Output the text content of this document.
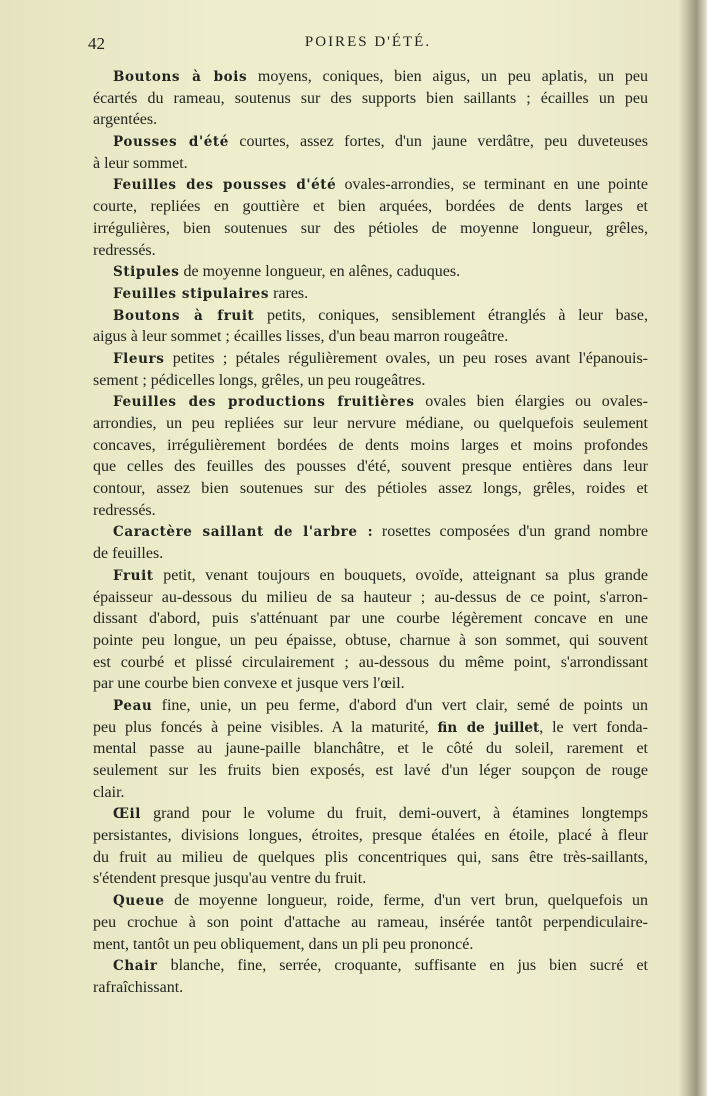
42	POIRES D'ÉTÉ.
Boutons à bois moyens, coniques, bien aigus, un peu aplatis, un peu
écartés du rameau, soutenus sur des supports bien saillants ; écailles un peu
argentées.
Pousses d'été courtes, assez fortes, d'un jaune verdâtre, peu duveteuses
à leur sommet.
Feuilles des pousses d'été ovales-arrondies, se terminant en une pointe
courte, repliées en gouttière et bien arquées, bordées de dents larges et
irrégulières, bien soutenues sur des pétioles de moyenne longueur, grêles,
redressés.
Stipules de moyenne longueur, en alênes, caduques.
Feuilles stipulaires rares.
Boutons à fruit petits, coniques, sensiblement étranglés à leur base,
aigus à leur sommet ; écailles lisses, d'un beau marron rougeâtre.
Fleurs petites ; pétales régulièrement ovales, un peu roses avant l'épanouis-
sement ; pédicelles longs, grêles, un peu rougeâtres.
Feuilles des productions fruitières ovales bien élargies ou ovales-
arrondies, un peu repliées sur leur nervure médiane, ou quelquefois seulement
concaves, irrégulièrement bordées de dents moins larges et moins profondes
que celles des feuilles des pousses d'été, souvent presque entières dans leur
contour, assez bien soutenues sur des pétioles assez longs, grêles, roides et
redressés.
Caractère saillant de l'arbre : rosettes composées d'un grand nombre
de feuilles.
Fruit petit, venant toujours en bouquets, ovoïde, atteignant sa plus grande
épaisseur au-dessous du milieu de sa hauteur ; au-dessus de ce point, s'arron-
dissant d'abord, puis s'atténuant par une courbe légèrement concave en une
pointe peu longue, un peu épaisse, obtuse, charnue à son sommet, qui souvent
est courbé et plissé circulairement ; au-dessous du même point, s'arrondissant
par une courbe bien convexe et jusque vers l'œil.
Peau fine, unie, un peu ferme, d'abord d'un vert clair, semé de points un
peu plus foncés à peine visibles. A la maturité, fin de juillet, le vert fonda-
mental passe au jaune-paille blanchâtre, et le côté du soleil, rarement et
seulement sur les fruits bien exposés, est lavé d'un léger soupçon de rouge
clair.
Œil grand pour le volume du fruit, demi-ouvert, à étamines longtemps
persistantes, divisions longues, étroites, presque étalées en étoile, placé à fleur
du fruit au milieu de quelques plis concentriques qui, sans être très-saillants,
s'étendent presque jusqu'au ventre du fruit.
Queue de moyenne longueur, roide, ferme, d'un vert brun, quelquefois un
peu crochue à son point d'attache au rameau, insérée tantôt perpendiculaire-
ment, tantôt un peu obliquement, dans un pli peu prononcé.
Chair blanche, fine, serrée, croquante, suffisante en jus bien sucré et
rafraîchissant.
